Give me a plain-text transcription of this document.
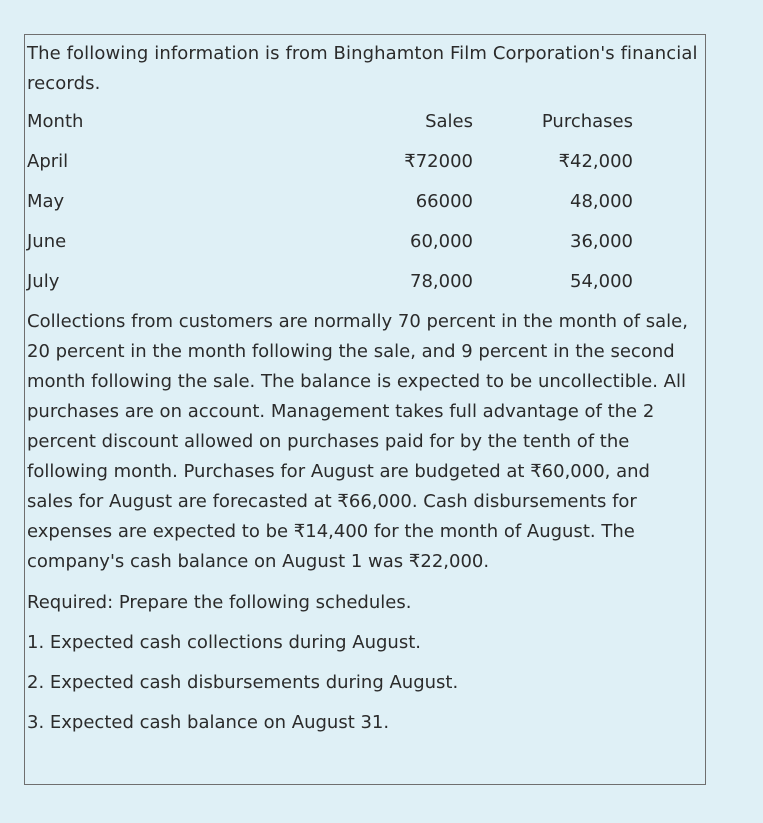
The following information is from Binghamton Film Corporation's financial records.
Month	Sales	Purchases
April	₹72000	₹42,000
May	66000	48,000
June	60,000	36,000
July	78,000	54,000
Collections from customers are normally 70 percent in the month of sale, 20 percent in the month following the sale, and 9 percent in the second month following the sale. The balance is expected to be uncollectible. All purchases are on account. Management takes full advantage of the 2 percent discount allowed on purchases paid for by the tenth of the following month. Purchases for August are budgeted at ₹60,000, and sales for August are forecasted at ₹66,000. Cash disbursements for expenses are expected to be ₹14,400 for the month of August. The company's cash balance on August 1 was ₹22,000.
Required: Prepare the following schedules.
1. Expected cash collections during August.
2. Expected cash disbursements during August.
3. Expected cash balance on August 31.
